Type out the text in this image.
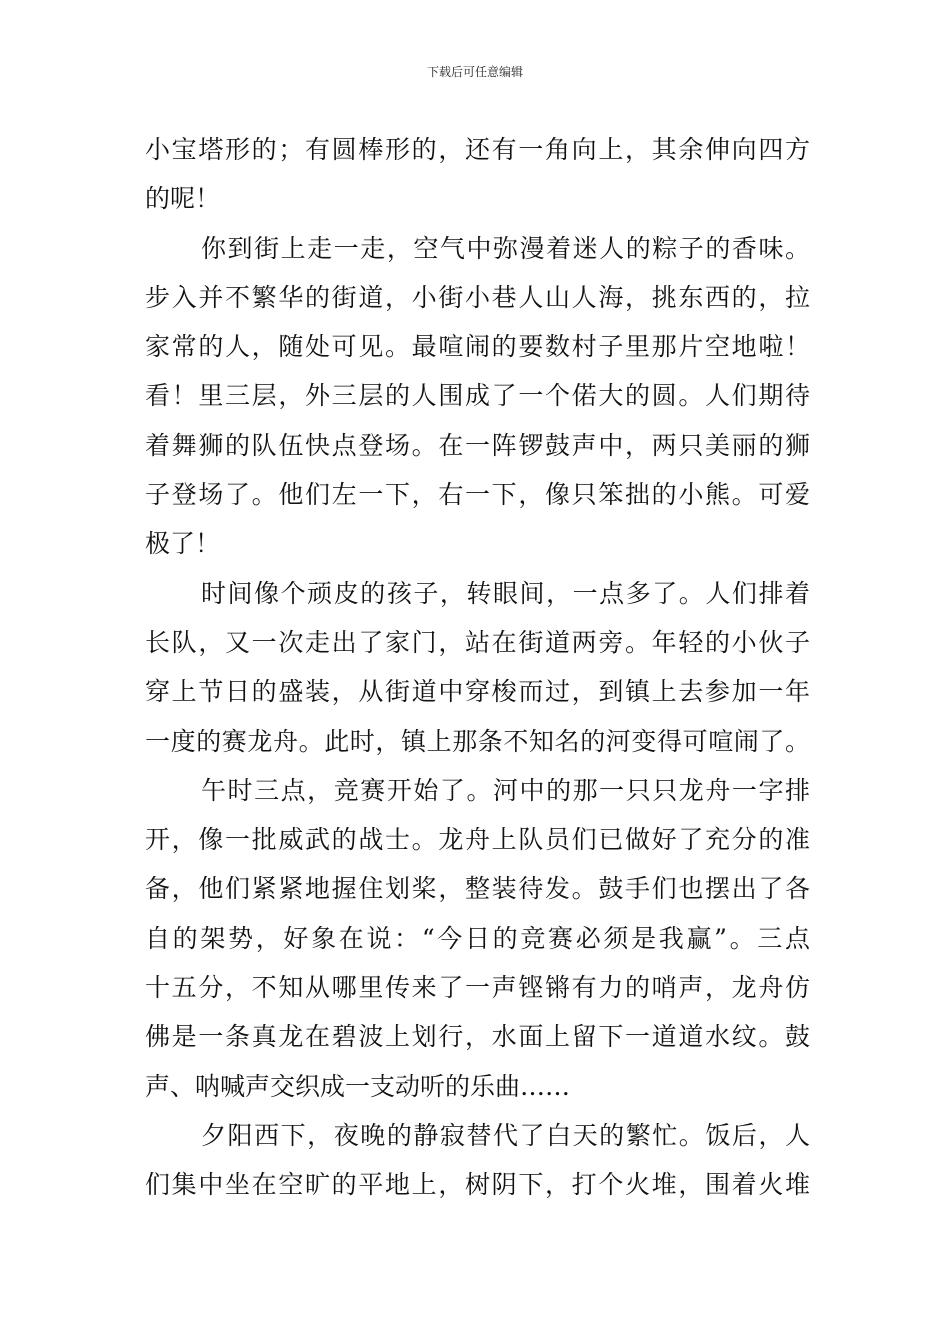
下载后可任意编辑
小宝塔形的；有圆棒形的，还有一角向上，其余伸向四方
的呢！
你到街上走一走，空气中弥漫着迷人的粽子的香味。
步入并不繁华的街道，小街小巷人山人海，挑东西的，拉
家常的人，随处可见。最喧闹的要数村子里那片空地啦！
看！里三层，外三层的人围成了一个偌大的圆。人们期待
着舞狮的队伍快点登场。在一阵锣鼓声中，两只美丽的狮
子登场了。他们左一下，右一下，像只笨拙的小熊。可爱
极了！
时间像个顽皮的孩子，转眼间，一点多了。人们排着
长队，又一次走出了家门，站在街道两旁。年轻的小伙子
穿上节日的盛装，从街道中穿梭而过，到镇上去参加一年
一度的赛龙舟。此时，镇上那条不知名的河变得可喧闹了。
午时三点，竞赛开始了。河中的那一只只龙舟一字排
开，像一批威武的战士。龙舟上队员们已做好了充分的准
备，他们紧紧地握住划桨，整装待发。鼓手们也摆出了各
自的架势，好象在说：“今日的竞赛必须是我赢”。三点
十五分，不知从哪里传来了一声铿锵有力的哨声，龙舟仿
佛是一条真龙在碧波上划行，水面上留下一道道水纹。鼓
声、呐喊声交织成一支动听的乐曲……
夕阳西下，夜晚的静寂替代了白天的繁忙。饭后，人
们集中坐在空旷的平地上，树阴下，打个火堆，围着火堆
